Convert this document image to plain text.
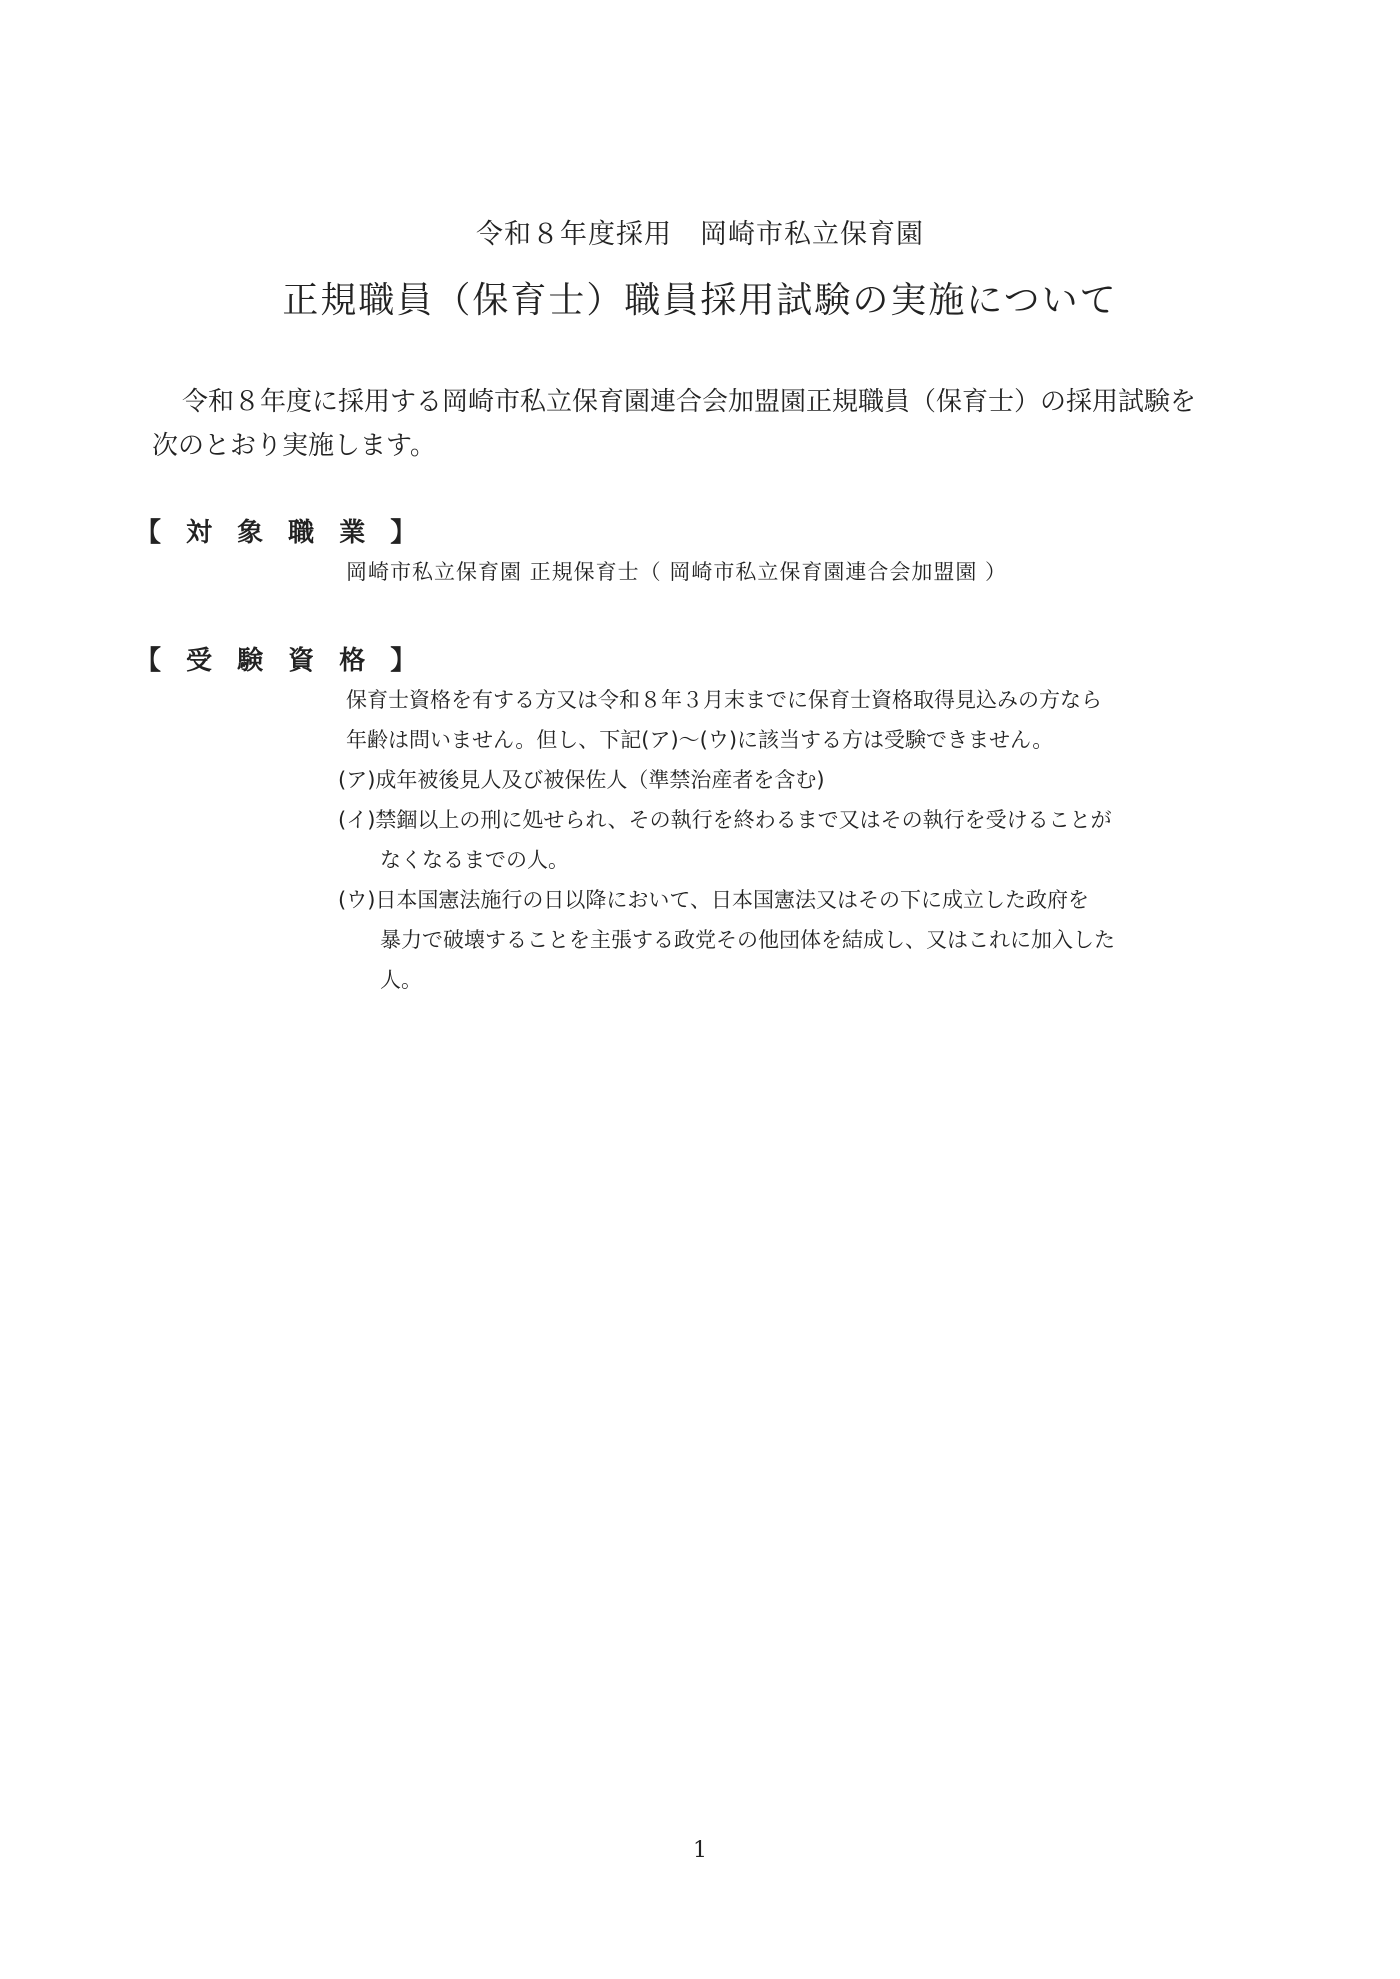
令和８年度採用　岡崎市私立保育園
正規職員（保育士）職員採用試験の実施について
令和８年度に採用する岡崎市私立保育園連合会加盟園正規職員（保育士）の採用試験を
次のとおり実施します。
【 対 象 職 業 】
岡崎市私立保育園 正規保育士（ 岡崎市私立保育園連合会加盟園 ）
【 受 験 資 格 】
保育士資格を有する方又は令和８年３月末までに保育士資格取得見込みの方なら
年齢は問いません。但し、下記(ア)～(ウ)に該当する方は受験できません。
(ア)成年被後見人及び被保佐人（準禁治産者を含む)
(イ)禁錮以上の刑に処せられ、その執行を終わるまで又はその執行を受けることが
なくなるまでの人。
(ウ)日本国憲法施行の日以降において、日本国憲法又はその下に成立した政府を
暴力で破壊することを主張する政党その他団体を結成し、又はこれに加入した
人。
1
